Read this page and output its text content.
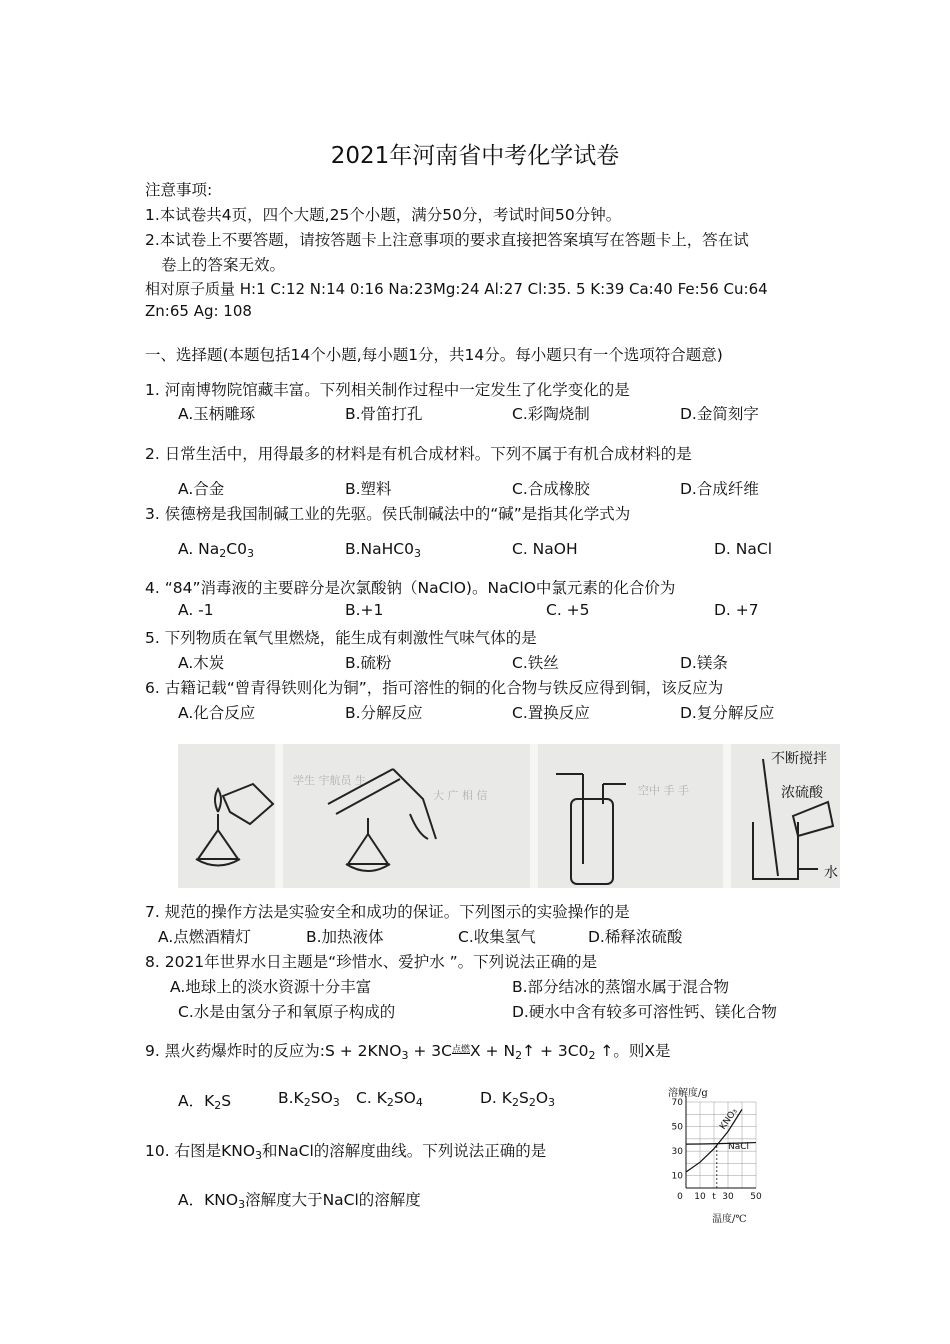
2021年河南省中考化学试卷
注意事项:
1.本试卷共4页，四个大题,25个小题，满分50分，考试时间50分钟。
2.本试卷上不要答题，请按答题卡上注意事项的要求直接把答案填写在答题卡上，答在试
卷上的答案无效。
相对原子质量 H:1 C:12 N:14 0:16 Na:23Mg:24 Al:27 Cl:35. 5 K:39 Ca:40 Fe:56 Cu:64
Zn:65 Ag: 108
一、选择题(本题包括14个小题,每小题1分，共14分。每小题只有一个选项符合题意)
1. 河南博物院馆藏丰富。下列相关制作过程中一定发生了化学变化的是
A.玉柄雕琢	B.骨笛打孔	C.彩陶烧制	D.金简刻字
2. 日常生活中，用得最多的材料是有机合成材料。下列不属于有机合成材料的是
A.合金	B.塑料	C.合成橡胶	D.合成纤维
3. 侯德榜是我国制碱工业的先驱。侯氏制碱法中的“碱”是指其化学式为
A. $Na_2C0_3$	$B.NaHC0_3$	C. NaOH	D. NaCl
4. “84”消毒液的主要辟分是次氯酸钠（NaClO)。NaClO中氯元素的化合价为
A. -1	B.+1	C. +5	D. +7
5. 下列物质在氧气里燃烧，能生成有刺激性气味气体的是
A.木炭	B.硫粉	C.铁丝	D.镁条
6. 古籍记载“曾青得铁则化为铜”，指可溶性的铜的化合物与铁反应得到铜，该反应为
A.化合反应	B.分解反应	C.置换反应	D.复分解反应
学生 宇航员 生
大 广 相 信	空中 手 手
不断搅拌
浓硫酸
水
7. 规范的操作方法是实验安全和成功的保证。下列图示的实验操作的是
A.点燃酒精灯	B.加热液体	C.收集氢气	D.稀释浓硫酸
8. 2021年世界水日主题是“珍惜水、爱护水 ”。下列说法正确的是
A.地球上的淡水资源十分丰富	B.部分结冰的蒸馏水属于混合物
C.水是由氢分子和氧原子构成的	D.硬水中含有较多可溶性钙、镁化合物
9. 黑火药爆炸时的反应为:S + $2KNO_3 + 3C^{点燃}X$ + $N_2↑ + 3C0_2$ ↑。则X是
A．$K_2S$	$B.K_2SO_3$ C. $K_2SO_4$	D. $K_2S_2O_3$
10. 右图是$KNO_3$和NaCl的溶解度曲线。下列说法正确的是
A．$KNO_3$溶解度大于NaCl的溶解度
溶解度/g
温度/℃
10
30
50
70
0 10 t 30 50
KNO₃
NaCl
